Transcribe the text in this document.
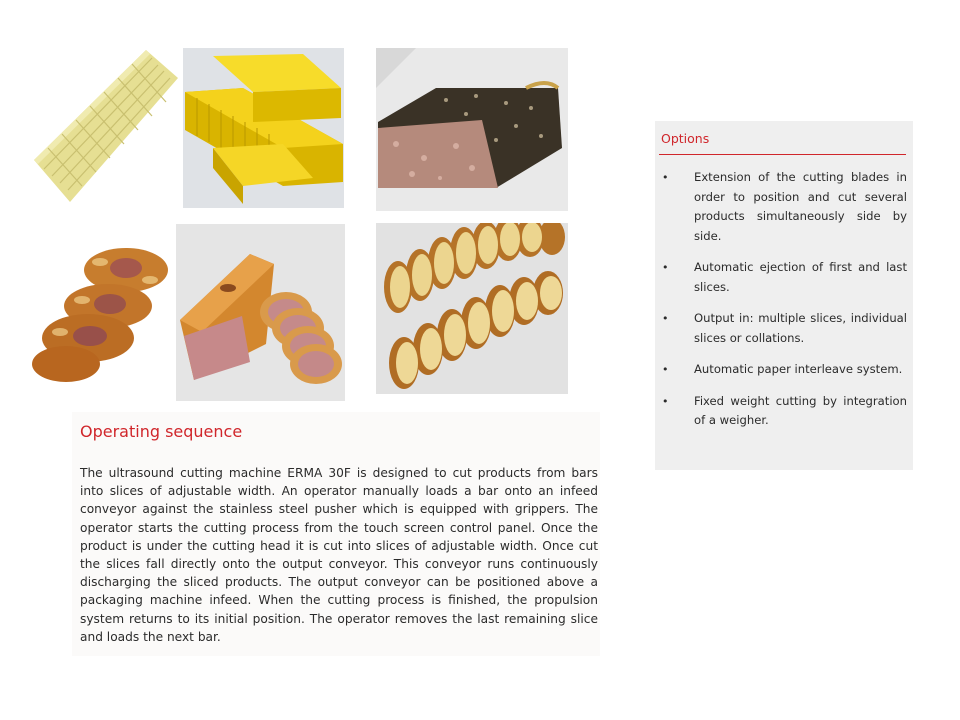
Operating sequence

The ultrasound cutting machine ERMA 30F is designed to cut products from bars into slices of adjustable width. An operator manually loads a bar onto an infeed conveyor against the stainless steel pusher which is equipped with grippers. The operator starts the cutting process from the touch screen control panel. Once the product is under the cutting head it is cut into slices of adjustable width. Once cut the slices fall directly onto the output conveyor. This conveyor runs continuously discharging the sliced products. The output conveyor can be positioned above a packaging machine infeed. When the cutting process is finished, the propulsion system returns to its initial position. The operator removes the last remaining slice and loads the next bar.

Options
• Extension of the cutting blades in order to position and cut several products simultaneously side by side.
• Automatic ejection of first and last slices.
• Output in: multiple slices, individual slices or collations.
• Automatic paper interleave system.
• Fixed weight cutting by integration of a weigher.
